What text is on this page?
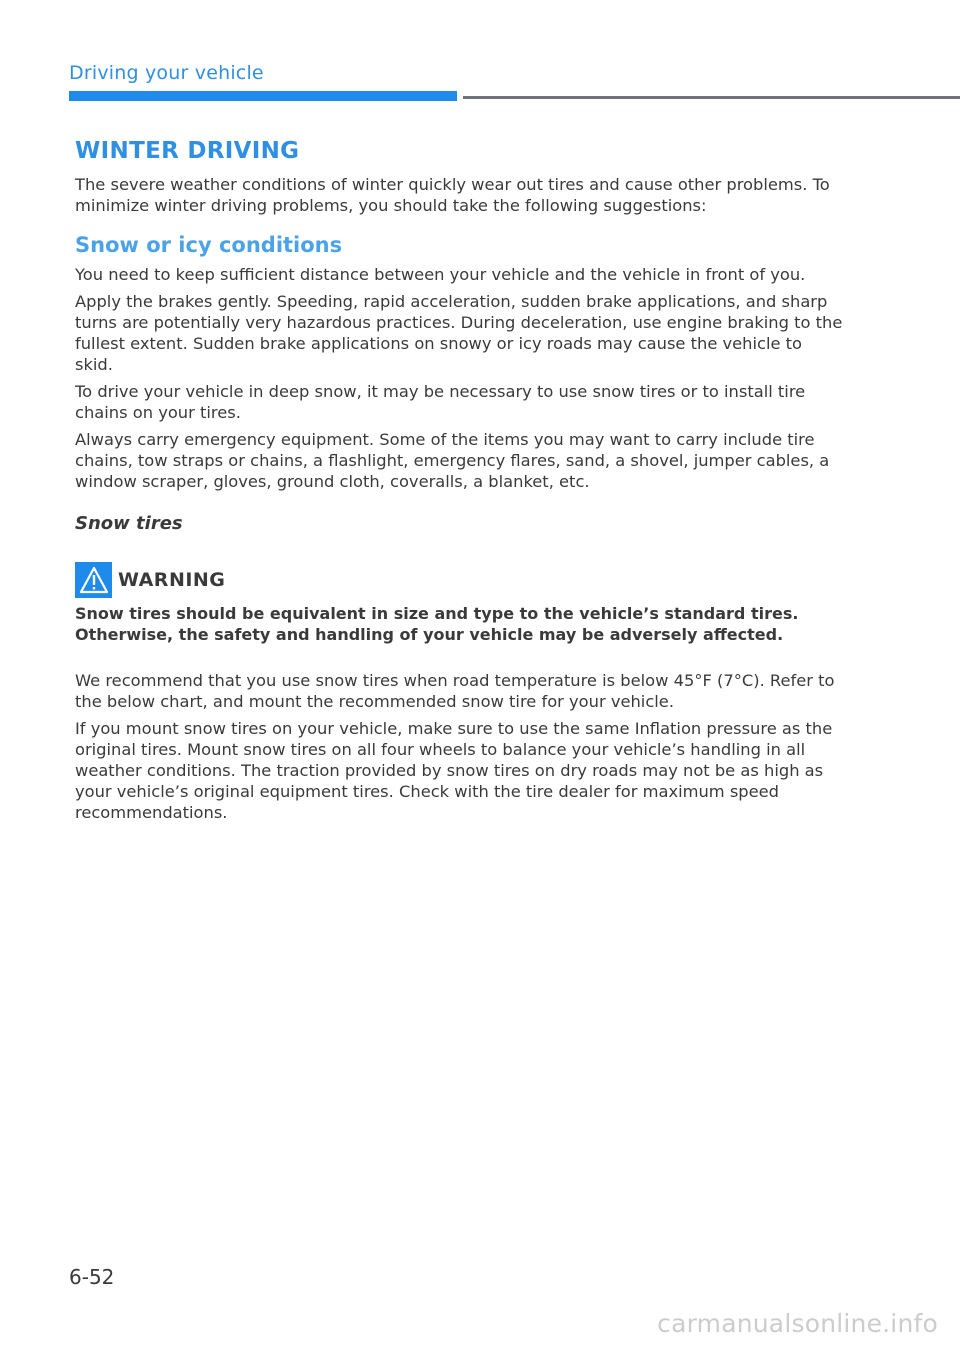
Driving your vehicle
WINTER DRIVING

The severe weather conditions of winter quickly wear out tires and cause other problems. To minimize winter driving problems, you should take the following suggestions:

Snow or icy conditions

You need to keep sufficient distance between your vehicle and the vehicle in front of you.

Apply the brakes gently. Speeding, rapid acceleration, sudden brake applications, and sharp turns are potentially very hazardous practices. During deceleration, use engine braking to the fullest extent. Sudden brake applications on snowy or icy roads may cause the vehicle to skid.

To drive your vehicle in deep snow, it may be necessary to use snow tires or to install tire chains on your tires.

Always carry emergency equipment. Some of the items you may want to carry include tire chains, tow straps or chains, a flashlight, emergency flares, sand, a shovel, jumper cables, a window scraper, gloves, ground cloth, coveralls, a blanket, etc.

Snow tires
WARNING

Snow tires should be equivalent in size and type to the vehicle’s standard tires. Otherwise, the safety and handling of your vehicle may be adversely affected.

We recommend that you use snow tires when road temperature is below 45°F (7°C). Refer to the below chart, and mount the recommended snow tire for your vehicle.

If you mount snow tires on your vehicle, make sure to use the same Inflation pressure as the original tires. Mount snow tires on all four wheels to balance your vehicle’s handling in all weather conditions. The traction provided by snow tires on dry roads may not be as high as your vehicle’s original equipment tires. Check with the tire dealer for maximum speed recommendations.

6-52
carmanualsonline.info
